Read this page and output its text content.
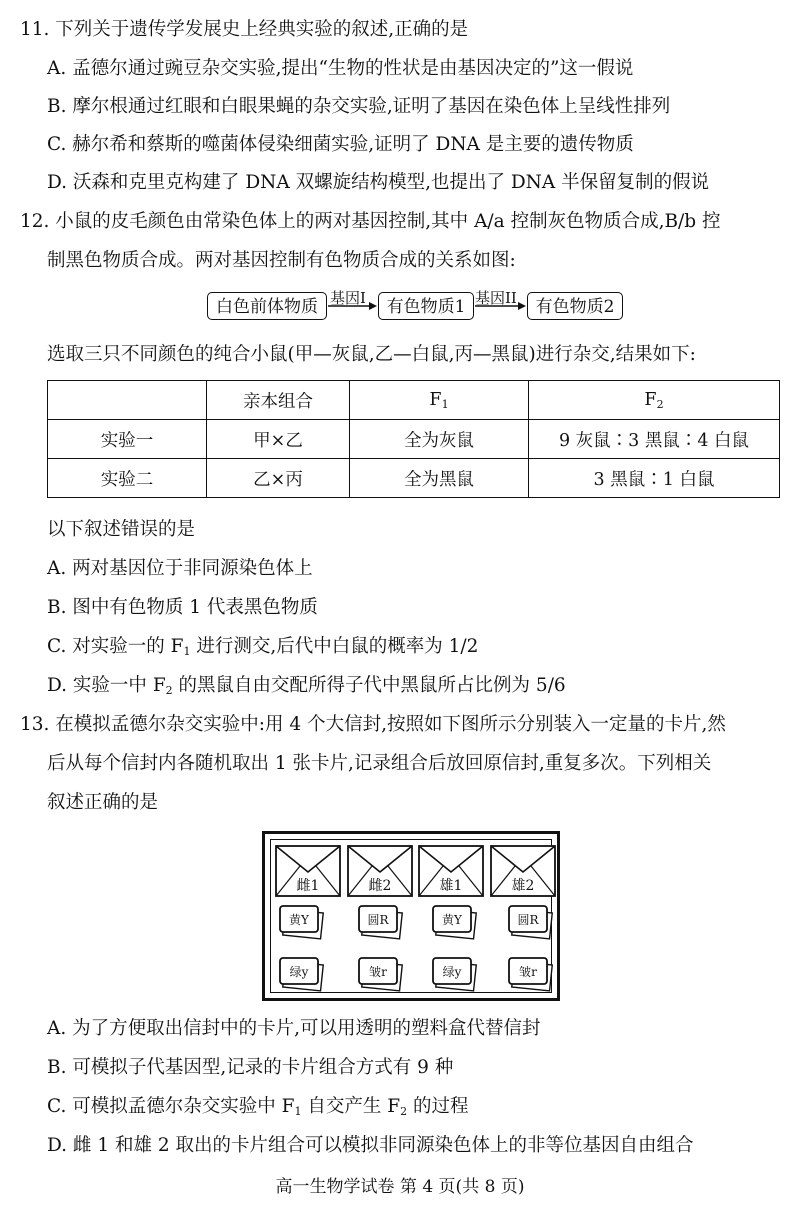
11. 下列关于遗传学发展史上经典实验的叙述,正确的是
A. 孟德尔通过豌豆杂交实验,提出“生物的性状是由基因决定的”这一假说
B. 摩尔根通过红眼和白眼果蝇的杂交实验,证明了基因在染色体上呈线性排列
C. 赫尔希和蔡斯的噬菌体侵染细菌实验,证明了 DNA 是主要的遗传物质
D. 沃森和克里克构建了 DNA 双螺旋结构模型,也提出了 DNA 半保留复制的假说
12. 小鼠的皮毛颜色由常染色体上的两对基因控制,其中 A/a 控制灰色物质合成,B/b 控
制黑色物质合成。两对基因控制有色物质合成的关系如图:
白色前体物质 基因I	有色物质1 基因II	有色物质2
选取三只不同颜色的纯合小鼠(甲—灰鼠,乙—白鼠,丙—黑鼠)进行杂交,结果如下:
	亲本组合	$F_1$	$F_2$
实验一	甲×乙	全为灰鼠	9 灰鼠∶3 黑鼠∶4 白鼠
实验二	乙×丙	全为黑鼠	3 黑鼠∶1 白鼠
以下叙述错误的是
A. 两对基因位于非同源染色体上
B. 图中有色物质 1 代表黑色物质
C. 对实验一的 $F_1$ 进行测交,后代中白鼠的概率为 1/2
D. 实验一中 $F_2$ 的黑鼠自由交配所得子代中黑鼠所占比例为 5/6
13. 在模拟孟德尔杂交实验中:用 4 个大信封,按照如下图所示分别装入一定量的卡片,然
后从每个信封内各随机取出 1 张卡片,记录组合后放回原信封,重复多次。下列相关
叙述正确的是
雌1	雌2	雄1	雄2
黄Y	圆R	黄Y	圆R
绿y	皱r	绿y	皱r
A. 为了方便取出信封中的卡片,可以用透明的塑料盒代替信封
B. 可模拟子代基因型,记录的卡片组合方式有 9 种
C. 可模拟孟德尔杂交实验中 $F_1$ 自交产生 $F_2$ 的过程
D. 雌 1 和雄 2 取出的卡片组合可以模拟非同源染色体上的非等位基因自由组合
高一生物学试卷 第 4 页(共 8 页)
